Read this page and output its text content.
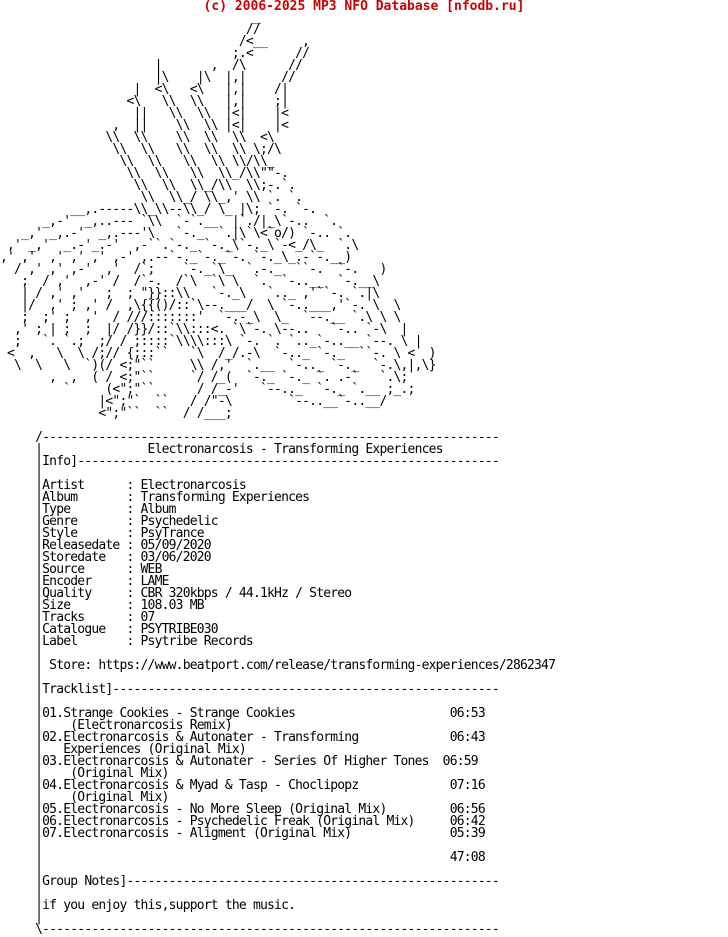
(c) 2006-2025 MP3 NFO Database [nfodb.ru]
_
//
/<__     ,
;.<      //
|       ,  /\      //
|\    |\  |,|     //
|  <\   <\   |,|    /|
<\   \\  \\   |,|    ;|
||   \\  \\  |<|    |<
,  ||    \\  \\ |<|    |<
\\  \\    \\  \\  \\  <\
\\  \\   \\  \\  \\ \;/\
\\  \\   \\  \\ \\/\\_
\\  \\   \\  \\_/\\""-.
\\  \\  \\_/\\  \\;-.`.
\\  \\_/ \\_,' \\ `. `.
__,.-----\\_\\--\\_/ \_ |\; `-. `-.
_,-'  _,..--- `\\  `-`.__  |`./|_\`-..  `.
_,' _,.-'  _,.---'\   `-._  `.|\`\<`o/) `-.. `.
,' _,'  _.-'_.-'  ,-``.`-._ `-._\`-._\`-<_/\_  `.\
,' ,'  ,' ,' ,' ,-' ,.--`-._`-._`-. `-._\_.-`-.__)
/ ,' ,' ,-'  ,'  /`;    `-._`\_  `.-._  ``-.  `-.   )
;  / ,'  ,-' /  /`-.  /`\  `\ \  `.  `-..__  `-.__\
| / ,' ,'   ;  ; "}}::\\   `-._\   `.._ ,'``-. `.|\
|/  ,' ; ,' /  ,\{{()/::`\--.___/  \ `-..___,'`-. \  \
;  ;' ;  ,'  / ///:::::::'  `-.-_\  \_  `--.__ `.\ \ \
,' ; | ;  ;  |/ /}}/::`\\:::<. `\`-. \--..   `-.. `-\  |
;   `. `.;  ;/ / ;::::`\\\\:::\ `-. `. `.._`-..__ `--. \ |
<  ,   \  \ /;// {;::``   `\  /_/.-\  `-.._ `-._  ``-. \ <  )
\  \   \  `)(/ <;"``     \\ /,'  `.__  `-.._ `-._  `-.\,|,\}
,  ,  ( / <;"``     `/ /_(  `-._ `-._ `. .-`   `.\;
`     (<";"``      / /_-'   `--.._  `-._ `.__ ;_.;
|<";"`  ``   / /"-\        `--..__`-..__/
<";"``  ``  / /___;

/-----------------------------------------------------------------
|               Electronarcosis - Transforming Experiences
|Info]------------------------------------------------------------
|
|Artist      : Electronarcosis
|Album       : Transforming Experiences
|Type        : Album
|Genre       : Psychedelic
|Style       : PsyTrance
|Releasedate : 05/09/2020
|Storedate   : 03/06/2020
|Source      : WEB
|Encoder     : LAME
|Quality     : CBR 320kbps / 44.1kHz / Stereo
|Size        : 108.03 MB
|Tracks      : 07
|Catalogue   : PSYTRIBE030
|Label       : Psytribe Records
|
| Store: https://www.beatport.com/release/transforming-experiences/2862347
|
|Tracklist]-------------------------------------------------------
|
|01.Strange Cookies - Strange Cookies                      06:53
|    (Electronarcosis Remix)
|02.Electronarcosis & Autonater - Transforming             06:43
|   Experiences (Original Mix)
|03.Electronarcosis & Autonater - Series Of Higher Tones  06:59
|    (Original Mix)
|04.Electronarcosis & Myad & Tasp - Choclipopz             07:16
|    (Original Mix)
|05.Electronarcosis - No More Sleep (Original Mix)         06:56
|06.Electronarcosis - Psychedelic Freak (Original Mix)     06:42
|07.Electronarcosis - Aligment (Original Mix)              05:39
|
|                                                          47:08
|
|Group Notes]-----------------------------------------------------
|
|if you enjoy this,support the music.
|
\-----------------------------------------------------------------
